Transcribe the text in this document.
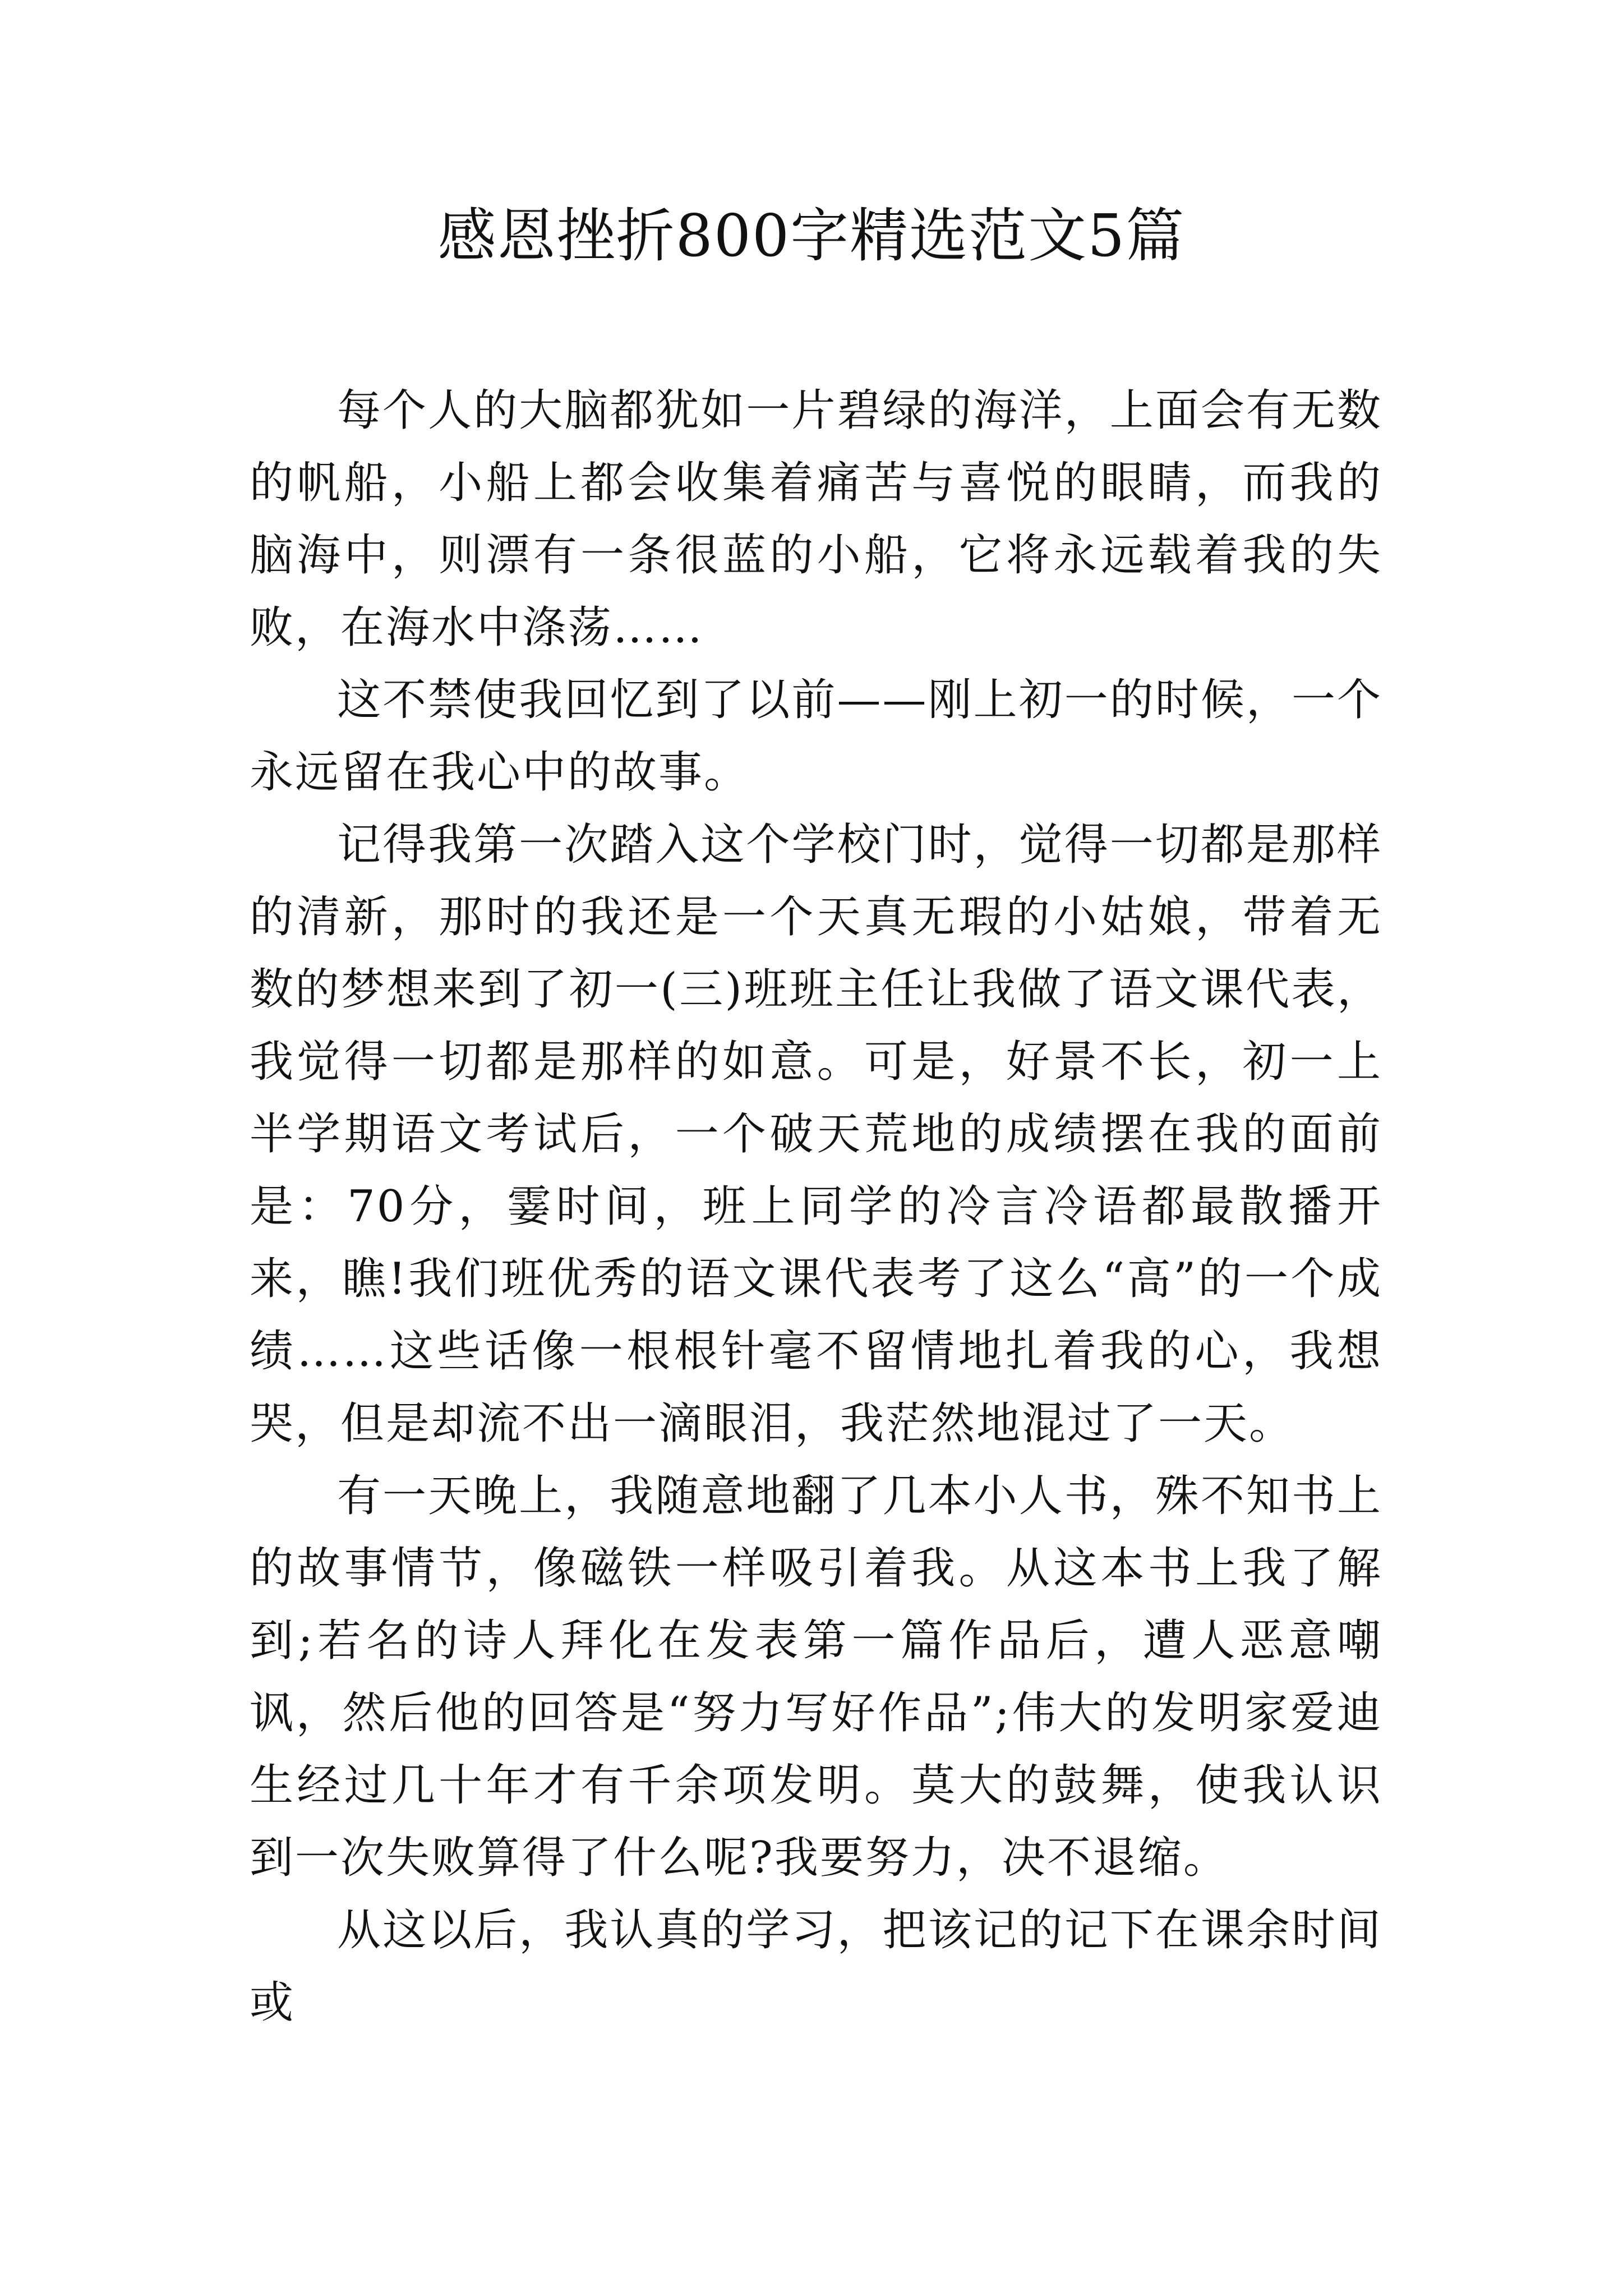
感恩挫折800字精选范文5篇

每个人的大脑都犹如一片碧绿的海洋，上面会有无数的帆船，小船上都会收集着痛苦与喜悦的眼睛，而我的脑海中，则漂有一条很蓝的小船，它将永远载着我的失败，在海水中涤荡……

这不禁使我回忆到了以前——刚上初一的时候，一个永远留在我心中的故事。

记得我第一次踏入这个学校门时，觉得一切都是那样的清新，那时的我还是一个天真无瑕的小姑娘，带着无数的梦想来到了初一(三)班班主任让我做了语文课代表，我觉得一切都是那样的如意。可是，好景不长，初一上半学期语文考试后，一个破天荒地的成绩摆在我的面前是：70分，霎时间，班上同学的冷言冷语都最散播开来，瞧!我们班优秀的语文课代表考了这么“高”的一个成绩……这些话像一根根针毫不留情地扎着我的心，我想哭，但是却流不出一滴眼泪，我茫然地混过了一天。

有一天晚上，我随意地翻了几本小人书，殊不知书上的故事情节，像磁铁一样吸引着我。从这本书上我了解到;若名的诗人拜化在发表第一篇作品后，遭人恶意嘲讽，然后他的回答是“努力写好作品”;伟大的发明家爱迪生经过几十年才有千余项发明。莫大的鼓舞，使我认识到一次失败算得了什么呢?我要努力，决不退缩。

从这以后，我认真的学习，把该记的记下在课余时间或
